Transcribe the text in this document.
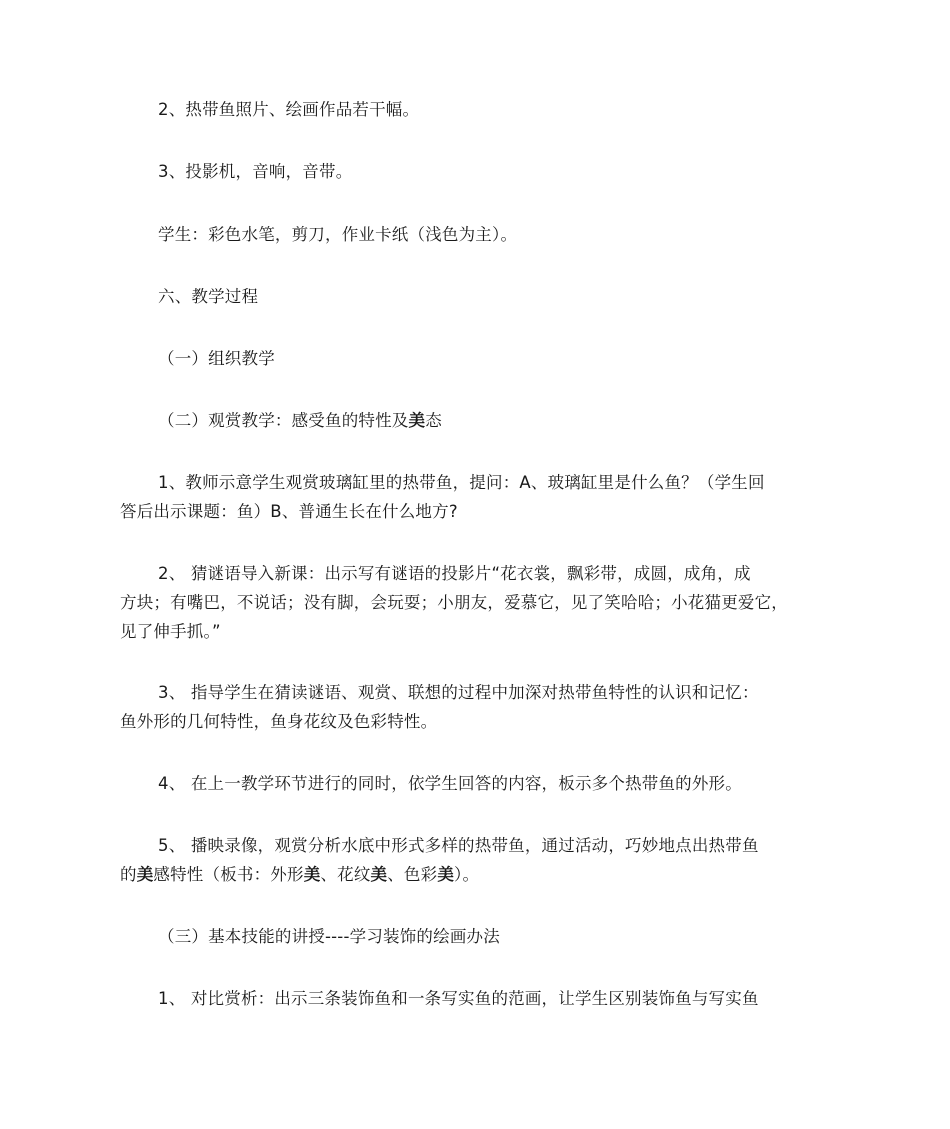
2、热带鱼照片、绘画作品若干幅。
3、投影机，音响，音带。
学生：彩色水笔，剪刀，作业卡纸（浅色为主）。
六、教学过程
（一）组织教学
（二）观赏教学：感受鱼的特性及美态
1、教师示意学生观赏玻璃缸里的热带鱼，提问：A、玻璃缸里是什么鱼？（学生回
答后出示课题：鱼）B、普通生长在什么地方?
2、 猜谜语导入新课：出示写有谜语的投影片“花衣裳，飘彩带，成圆，成角，成
方块；有嘴巴，不说话；没有脚，会玩耍；小朋友，爱慕它，见了笑哈哈；小花猫更爱它，
见了伸手抓。”
3、 指导学生在猜读谜语、观赏、联想的过程中加深对热带鱼特性的认识和记忆：
鱼外形的几何特性，鱼身花纹及色彩特性。
4、 在上一教学环节进行的同时，依学生回答的内容，板示多个热带鱼的外形。
5、 播映录像，观赏分析水底中形式多样的热带鱼，通过活动，巧妙地点出热带鱼
的美感特性（板书：外形美、花纹美、色彩美）。
（三）基本技能的讲授----学习装饰的绘画办法
1、 对比赏析：出示三条装饰鱼和一条写实鱼的范画，让学生区别装饰鱼与写实鱼
